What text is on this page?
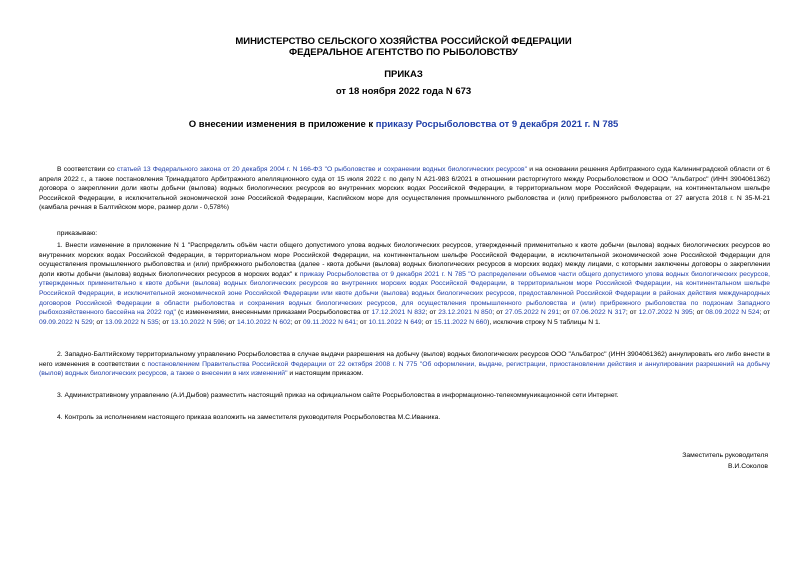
МИНИСТЕРСТВО СЕЛЬСКОГО ХОЗЯЙСТВА РОССИЙСКОЙ ФЕДЕРАЦИИ
ФЕДЕРАЛЬНОЕ АГЕНТСТВО ПО РЫБОЛОВСТВУ
ПРИКАЗ
от 18 ноября 2022 года N 673
О внесении изменения в приложение к приказу Росрыболовства от 9 декабря 2021 г. N 785
В соответствии со статьей 13 Федерального закона от 20 декабря 2004 г. N 166-ФЗ "О рыболовстве и сохранении водных биологических ресурсов" и на основании решения Арбитражного суда Калининградской области от 6 апреля 2022 г., а также постановления Тринадцатого Арбитражного апелляционного суда от 15 июля 2022 г. по делу N А21-983 6/2021 в отношении расторгнутого между Росрыболовством и ООО "Альбатрос" (ИНН 3904061362) договора о закреплении доли квоты добычи (вылова) водных биологических ресурсов во внутренних морских водах Российской Федерации, в территориальном море Российской Федерации, на континентальном шельфе Российской Федерации, в исключительной экономической зоне Российской Федерации, Каспийском море для осуществления промышленного рыболовства и (или) прибрежного рыболовства от 27 августа 2018 г. N 35-М-21 (камбала речная в Балтийском море, размер доли - 0,578%)
приказываю:
1. Внести изменение в приложение N 1 "Распределить объём части общего допустимого улова водных биологических ресурсов, утвержденный применительно к квоте добычи (вылова) водных биологических ресурсов во внутренних морских водах Российской Федерации, в территориальном море Российской Федерации, на континентальном шельфе Российской Федерации, в исключительной экономической зоне Российской Федерации для осуществления промышленного рыболовства и (или) прибрежного рыболовства (далее - квота добычи (вылова) водных биологических ресурсов в морских водах) между лицами, с которыми заключены договоры о закреплении доли квоты добычи (вылова) водных биологических ресурсов в морских водах" к приказу Росрыболовства от 9 декабря 2021 г. N 785 "О распределении объемов части общего допустимого улова водных биологических ресурсов, утвержденных применительно к квоте добычи (вылова) водных биологических ресурсов во внутренних морских водах Российской Федерации, в территориальном море Российской Федерации, на континентальном шельфе Российской Федерации, в исключительной экономической зоне Российской Федерации или квоте добычи (вылова) водных биологических ресурсов, предоставленной Российской Федерации в районах действия международных договоров Российской Федерации в области рыболовства и сохранения водных биологических ресурсов, для осуществления промышленного рыболовства и (или) прибрежного рыболовства по подзонам Западного рыбохозяйственного бассейна на 2022 год" (с изменениями, внесенными приказами Росрыболовства от 17.12.2021 N 832; от 23.12.2021 N 850; от 27.05.2022 N 291; от 07.06.2022 N 317; от 12.07.2022 N 395; от 08.09.2022 N 524; от 09.09.2022 N 529; от 13.09.2022 N 535; от 13.10.2022 N 596; от 14.10.2022 N 602; от 09.11.2022 N 641; от 10.11.2022 N 649; от 15.11.2022 N 660), исключив строку N 5 таблицы N 1.
2. Западно-Балтийскому территориальному управлению Росрыболовства в случае выдачи разрешения на добычу (вылов) водных биологических ресурсов ООО "Альбатрос" (ИНН 3904061362) аннулировать его либо внести в него изменения в соответствии с постановлением Правительства Российской Федерации от 22 октября 2008 г. N 775 "Об оформлении, выдаче, регистрации, приостановлении действия и аннулировании разрешений на добычу (вылов) водных биологических ресурсов, а также о внесении в них изменений" и настоящим приказом.
3. Административному управлению (А.И.Дыбов) разместить настоящий приказ на официальном сайте Росрыболовства в информационно-телекоммуникационной сети Интернет.
4. Контроль за исполнением настоящего приказа возложить на заместителя руководителя Росрыболовства М.С.Иваника.
Заместитель руководителя
В.И.Соколов
